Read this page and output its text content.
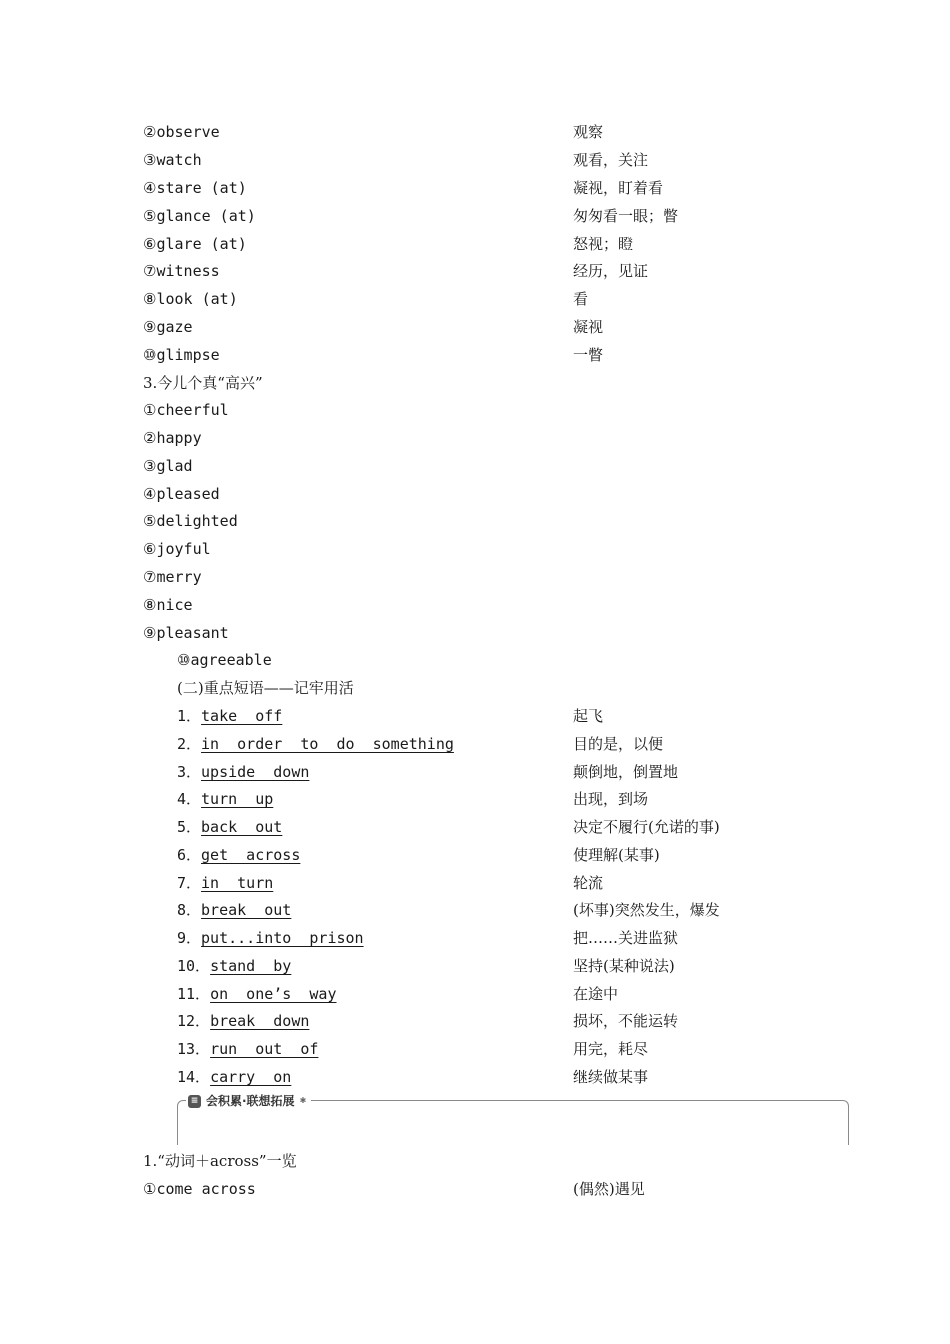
②observe	观察
③watch	观看，关注
④stare (at)	凝视，盯着看
⑤glance (at)	匆匆看一眼；瞥
⑥glare (at)	怒视；瞪
⑦witness	经历，见证
⑧look (at)	看
⑨gaze	凝视
⑩glimpse	一瞥
3.今儿个真“高兴”
①cheerful
②happy
③glad
④pleased
⑤delighted
⑥joyful
⑦merry
⑧nice
⑨pleasant
⑩agreeable
(二)重点短语——记牢用活
1．take  off	起飞
2．in  order  to  do  something	目的是，以便
3．upside  down	颠倒地，倒置地
4．turn  up	出现，到场
5．back  out	决定不履行(允诺的事)
6．get  across	使理解(某事)
7．in  turn	轮流
8．break  out	(坏事)突然发生，爆发
9．put...into  prison	把……关进监狱
10．stand  by	坚持(某种说法)
11．on  one’s  way	在途中
12．break  down	损坏，不能运转
13．run  out  of	用完，耗尽
14．carry  on	继续做某事
≡ 会积累·联想拓展 ✱
1.“动词＋across”一览
①come across	(偶然)遇见
